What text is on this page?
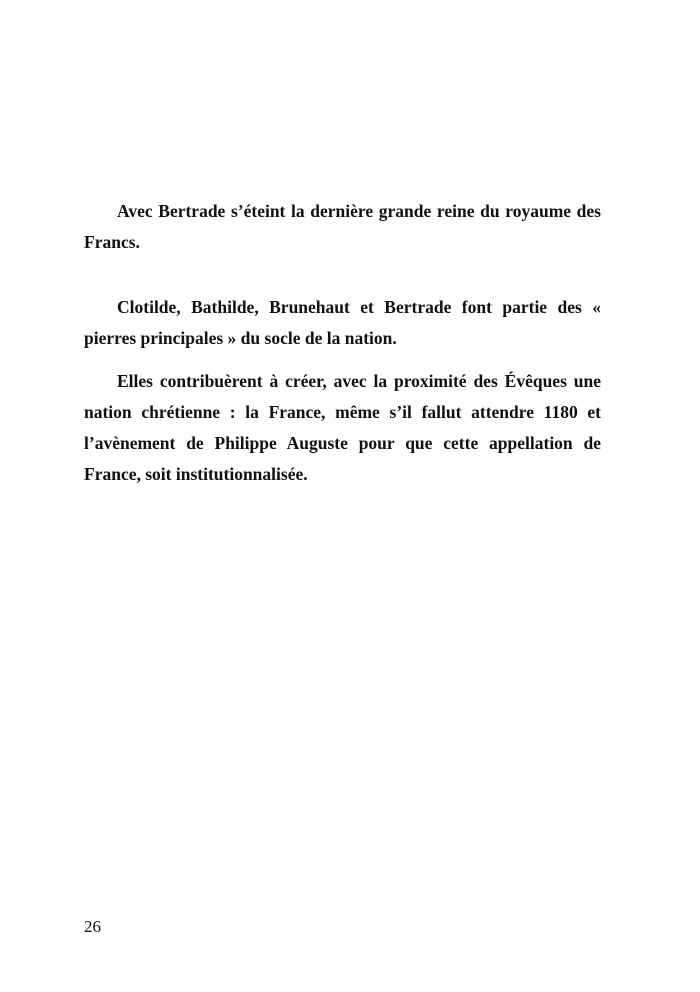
Avec Bertrade s’éteint la dernière grande reine du royaume des Francs.

Clotilde, Bathilde, Brunehaut et Bertrade font partie des « pierres principales » du socle de la nation.

Elles contribuèrent à créer, avec la proximité des Évêques une nation chrétienne : la France, même s’il fallut attendre 1180 et l’avènement de Philippe Auguste pour que cette appellation de France, soit institutionnalisée.

26
